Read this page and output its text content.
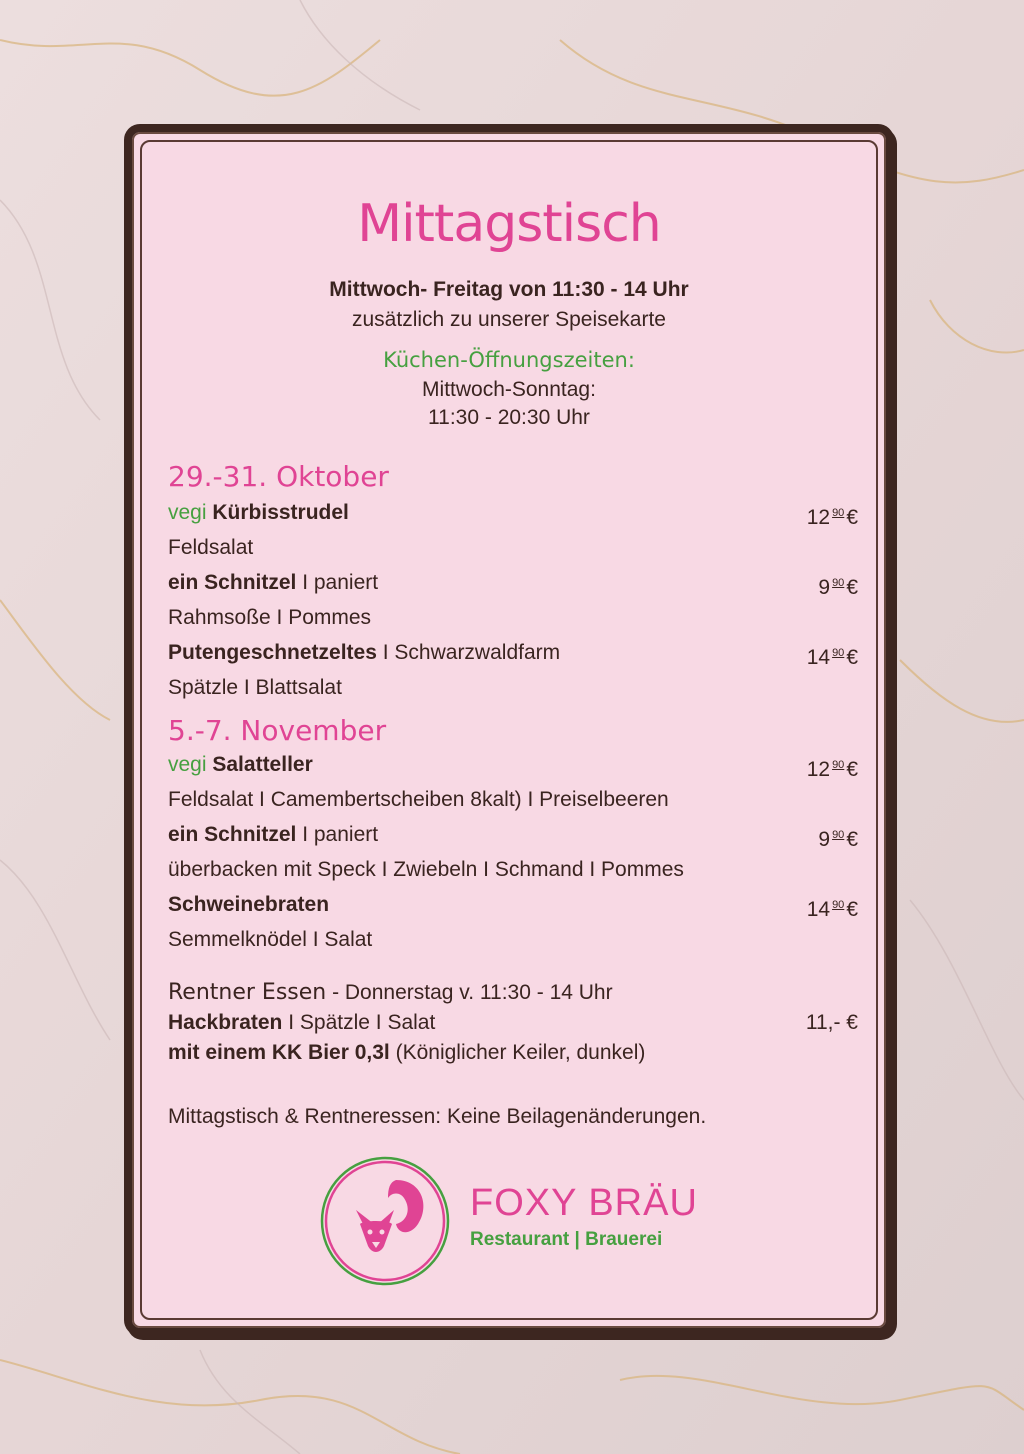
Mittagstisch
Mittwoch- Freitag von 11:30 - 14 Uhr
zusätzlich zu unserer Speisekarte
Küchen-Öffnungszeiten:
Mittwoch-Sonntag:
11:30 - 20:30 Uhr
29.-31. Oktober
vegi Kürbisstrudel	12 $^{90}$€
Feldsalat
ein Schnitzel I paniert	9 $^{90}$€
Rahmsoße I Pommes
Putengeschnetzeltes I Schwarzwaldfarm	14 $^{90}$€
Spätzle I Blattsalat
5.-7. November
vegi Salatteller	12 $^{90}$€
Feldsalat I Camembertscheiben 8kalt) I Preiselbeeren
ein Schnitzel I paniert	9 $^{90}$€
überbacken mit Speck I Zwiebeln I Schmand I Pommes
Schweinebraten	14 $^{90}$€
Semmelknödel I Salat
Rentner Essen - Donnerstag v. 11:30 - 14 Uhr
Hackbraten I Spätzle I Salat	11,- €
mit einem KK Bier 0,3l (Königlicher Keiler, dunkel)
Mittagstisch & Rentneressen: Keine Beilagenänderungen.
FOXY BRÄU
Restaurant | Brauerei
